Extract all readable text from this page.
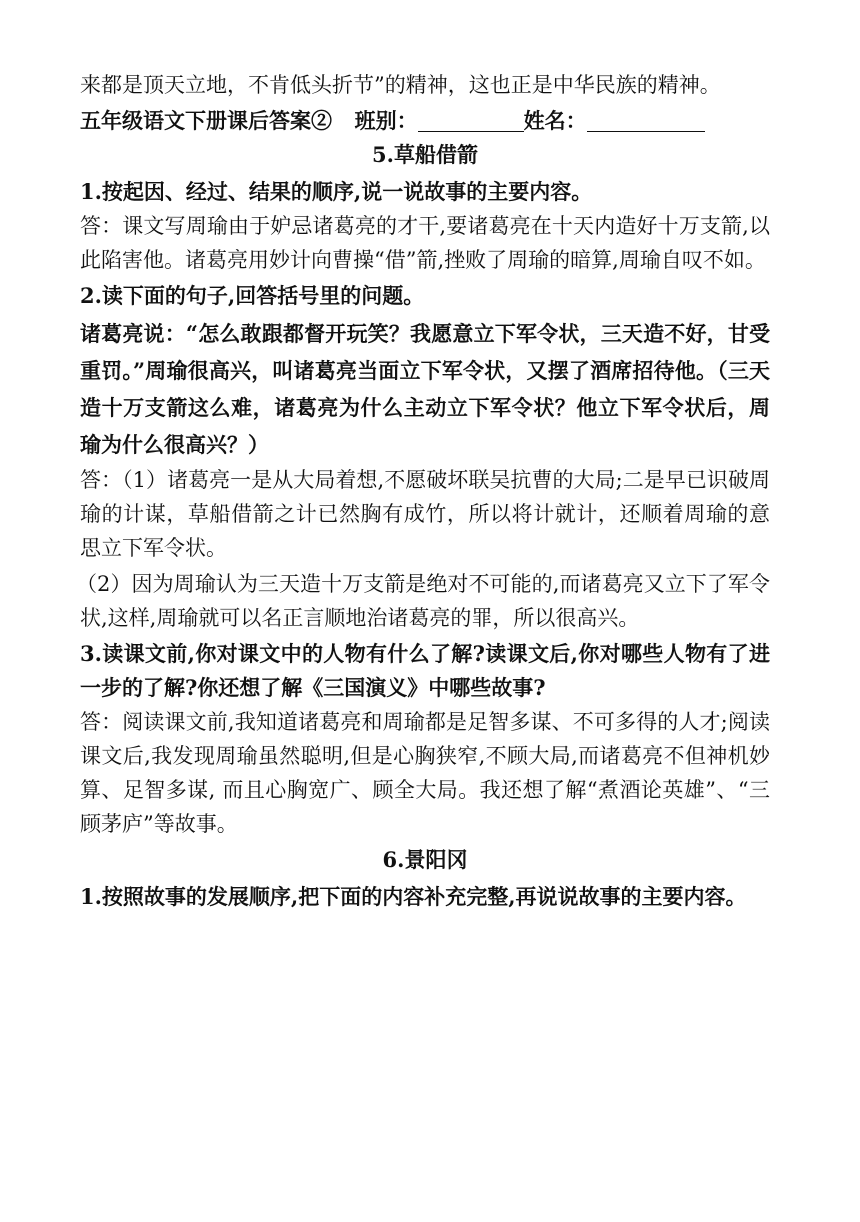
来都是顶天立地，不肯低头折节”的精神，这也正是中华民族的精神。

五年级语文下册课后答案② 班别：	姓名：

5.草船借箭

1.按起因、经过、结果的顺序,说一说故事的主要内容。

答：课文写周瑜由于妒忌诸葛亮的才干,要诸葛亮在十天内造好十万支箭,以此陷害他。诸葛亮用妙计向曹操“借”箭,挫败了周瑜的暗算,周瑜自叹不如。

2.读下面的句子,回答括号里的问题。

诸葛亮说：“怎么敢跟都督开玩笑？我愿意立下军令状，三天造不好，甘受重罚。”周瑜很高兴，叫诸葛亮当面立下军令状，又摆了酒席招待他。（三天造十万支箭这么难，诸葛亮为什么主动立下军令状？他立下军令状后，周瑜为什么很高兴？）

答：（1）诸葛亮一是从大局着想,不愿破坏联吴抗曹的大局;二是早已识破周瑜的计谋，草船借箭之计已然胸有成竹，所以将计就计，还顺着周瑜的意思立下军令状。

（2）因为周瑜认为三天造十万支箭是绝对不可能的,而诸葛亮又立下了军令状,这样,周瑜就可以名正言顺地治诸葛亮的罪，所以很高兴。

3.读课文前,你对课文中的人物有什么了解?读课文后,你对哪些人物有了进一步的了解?你还想了解《三国演义》中哪些故事?

答：阅读课文前,我知道诸葛亮和周瑜都是足智多谋、不可多得的人才;阅读课文后,我发现周瑜虽然聪明,但是心胸狭窄,不顾大局,而诸葛亮不但神机妙算、足智多谋, 而且心胸宽广、顾全大局。我还想了解“煮酒论英雄”、“三顾茅庐”等故事。

6.景阳冈

1.按照故事的发展顺序,把下面的内容补充完整,再说说故事的主要内容。
